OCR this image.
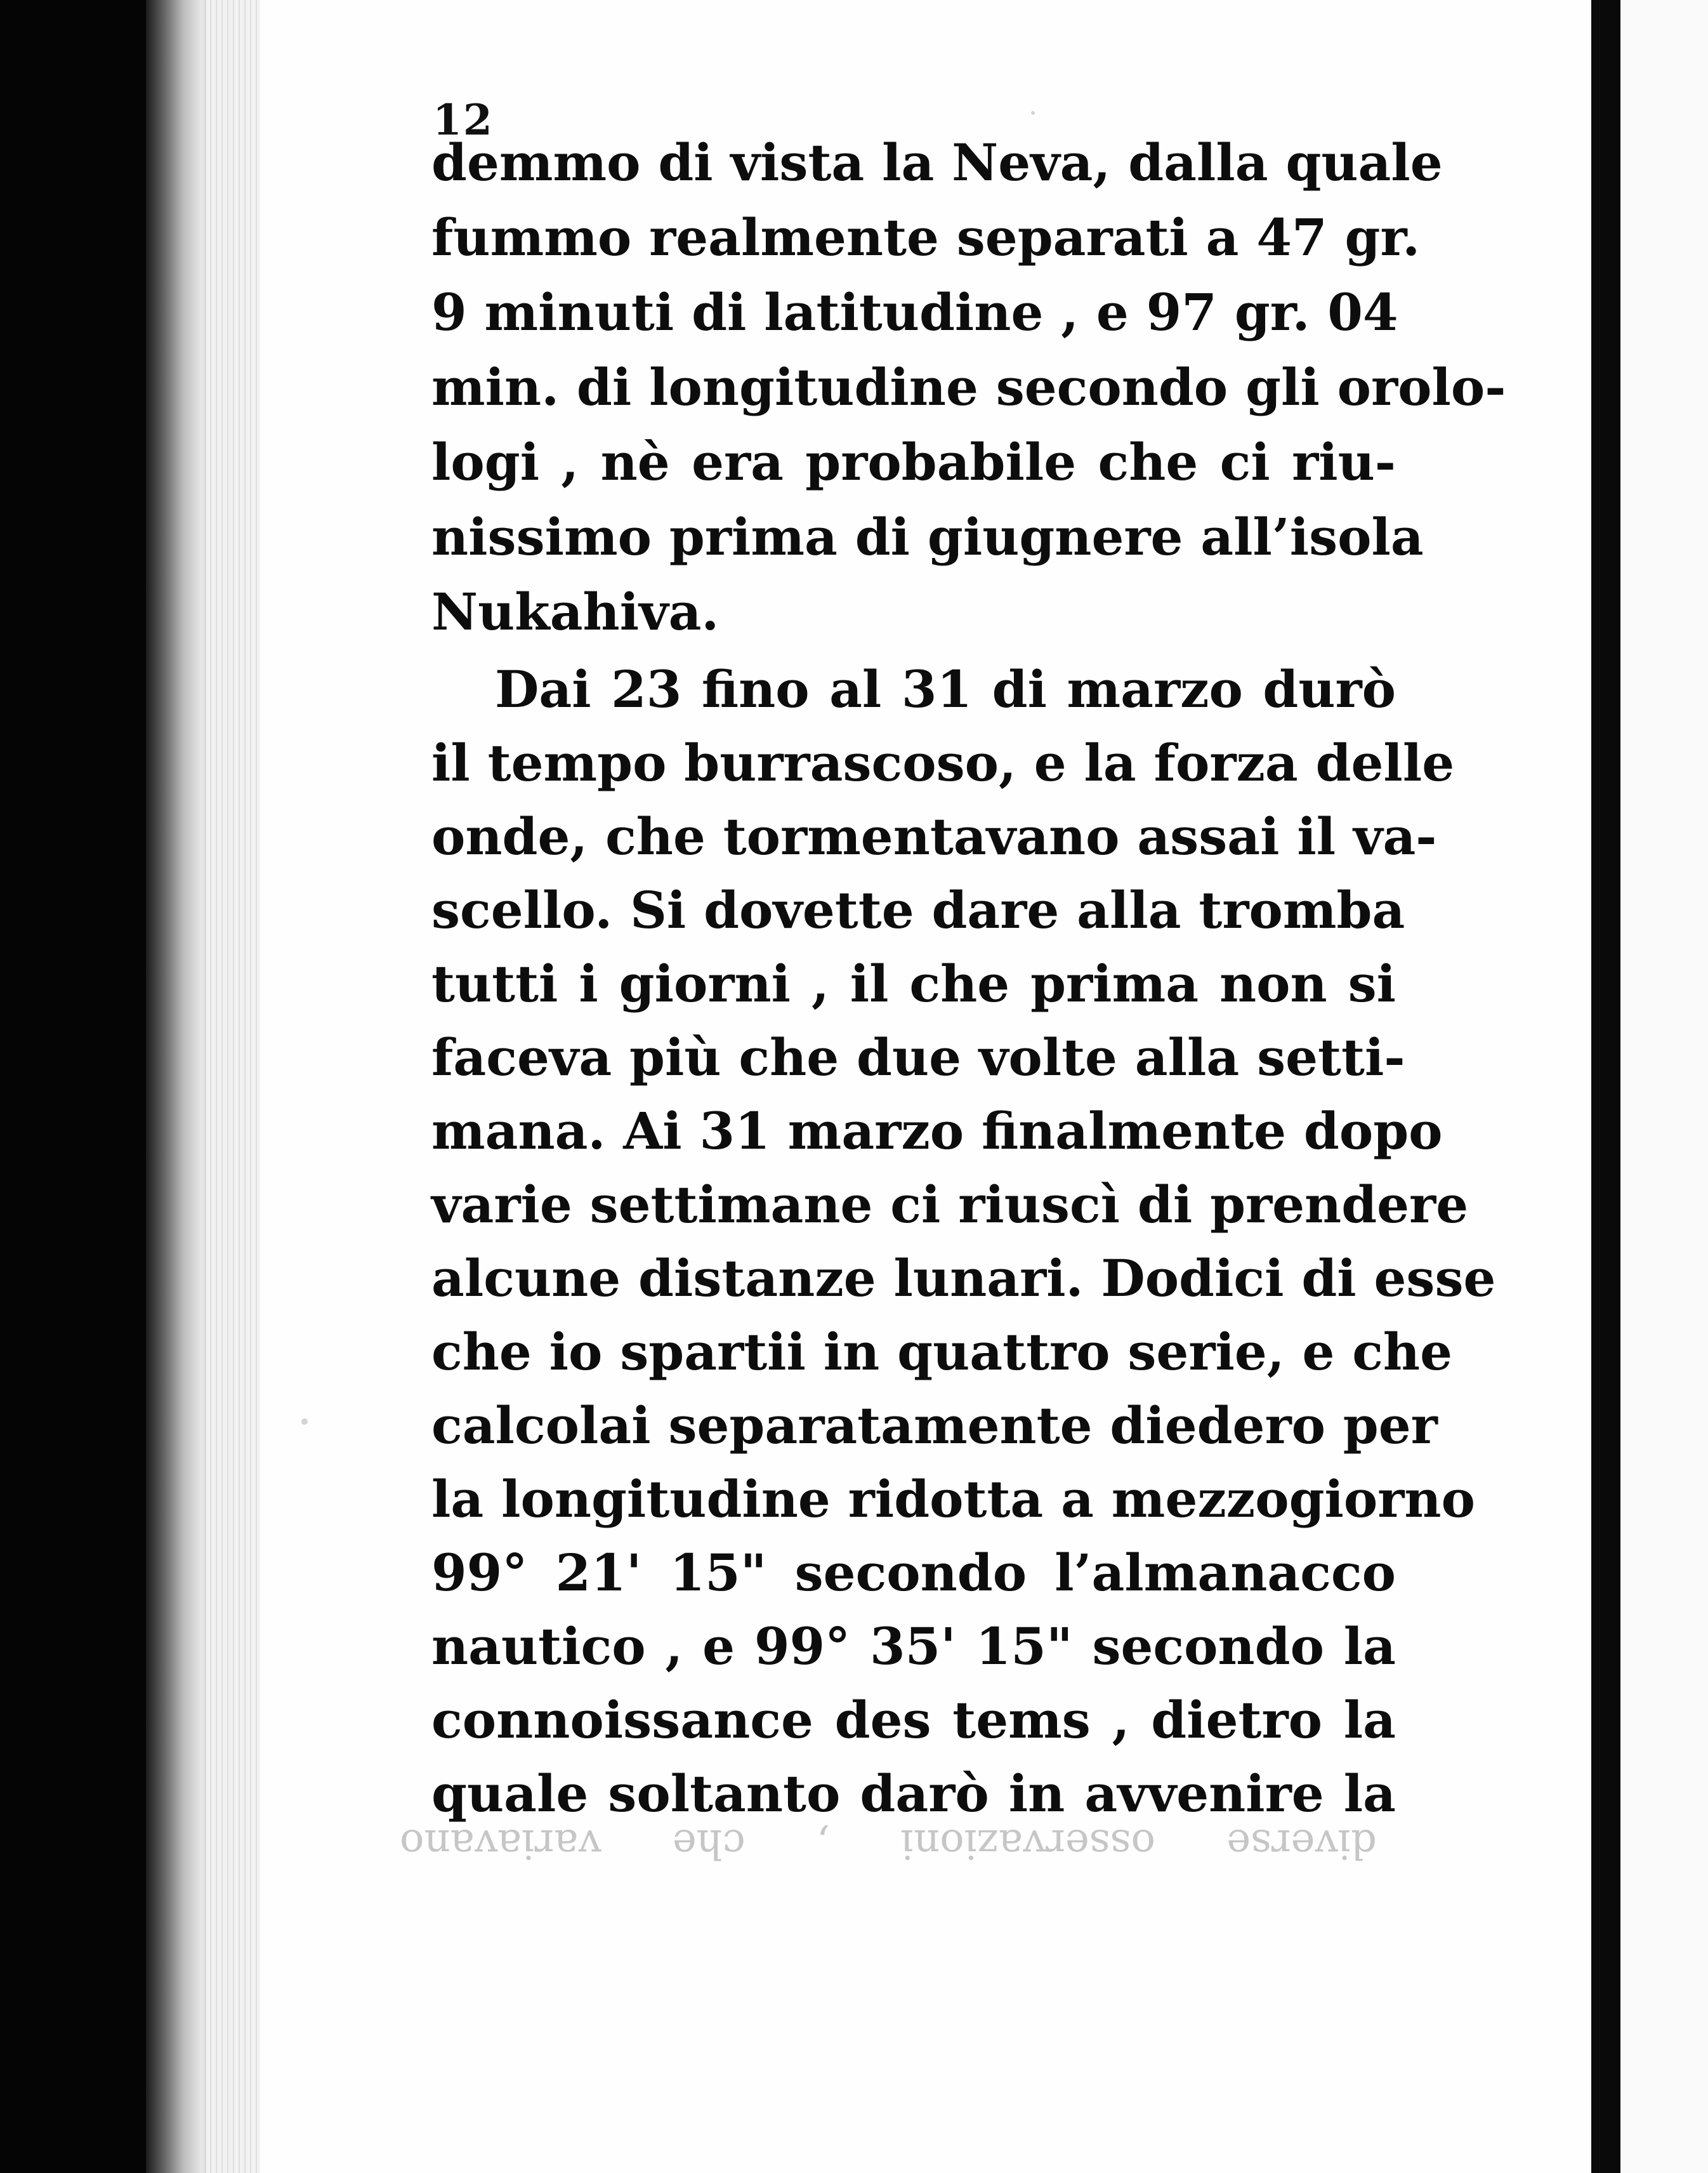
diverse osservazioni , che variavano
12
demmo di vista la Neva, dalla quale
fummo realmente separati a 47 gr.
9 minuti di latitudine , e 97 gr. 04
min. di longitudine secondo gli orolo-
logi , nè era probabile che ci riu-
nissimo prima di giugnere all’isola
Nukahiva.
Dai 23 fino al 31 di marzo durò
il tempo burrascoso, e la forza delle
onde, che tormentavano assai il va-
scello. Si dovette dare alla tromba
tutti i giorni , il che prima non si
faceva più che due volte alla setti-
mana. Ai 31 marzo finalmente dopo
varie settimane ci riuscì di prendere
alcune distanze lunari. Dodici di esse
che io spartii in quattro serie, e che
calcolai separatamente diedero per
la longitudine ridotta a mezzogiorno
99° 21' 15" secondo l’almanacco
nautico , e 99° 35' 15" secondo la
connoissance des tems , dietro la
quale soltanto darò in avvenire la
